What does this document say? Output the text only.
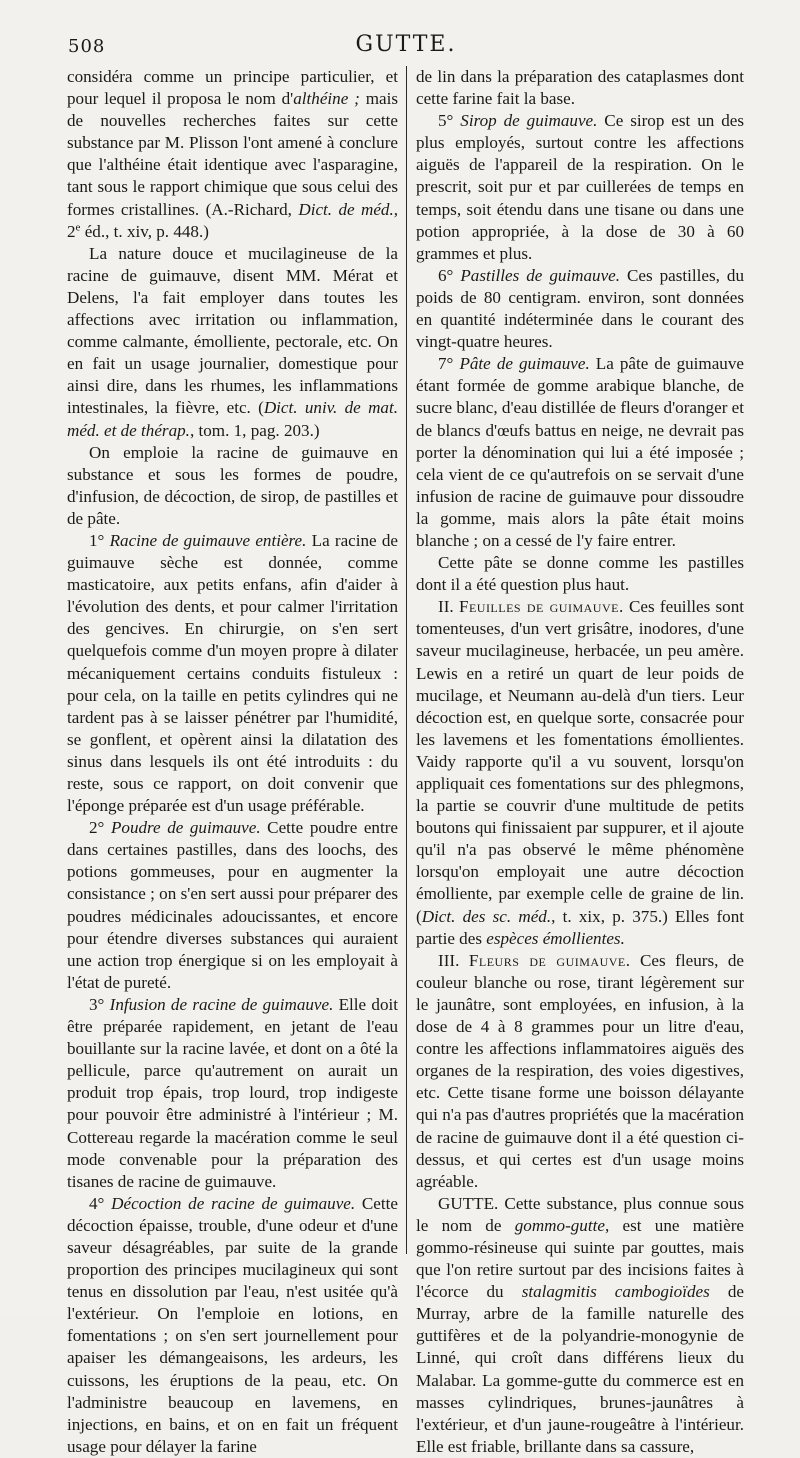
508	GUTTE.

considéra comme un principe particulier, et pour lequel il proposa le nom d'althéine ; mais de nouvelles recherches faites sur cette substance par M. Plisson l'ont amené à conclure que l'althéine était identique avec l'asparagine, tant sous le rapport chimique que sous celui des formes cristallines. (A.-Richard, Dict. de méd., 2e éd., t. xiv, p. 448.)

La nature douce et mucilagineuse de la racine de guimauve, disent MM. Mérat et Delens, l'a fait employer dans toutes les affections avec irritation ou inflammation, comme calmante, émolliente, pectorale, etc. On en fait un usage journalier, domestique pour ainsi dire, dans les rhumes, les inflammations intestinales, la fièvre, etc. (Dict. univ. de mat. méd. et de thérap., tom. 1, pag. 203.)

On emploie la racine de guimauve en substance et sous les formes de poudre, d'infusion, de décoction, de sirop, de pastilles et de pâte.

1° Racine de guimauve entière. La racine de guimauve sèche est donnée, comme masticatoire, aux petits enfans, afin d'aider à l'évolution des dents, et pour calmer l'irritation des gencives. En chirurgie, on s'en sert quelquefois comme d'un moyen propre à dilater mécaniquement certains conduits fistuleux : pour cela, on la taille en petits cylindres qui ne tardent pas à se laisser pénétrer par l'humidité, se gonflent, et opèrent ainsi la dilatation des sinus dans lesquels ils ont été introduits : du reste, sous ce rapport, on doit convenir que l'éponge préparée est d'un usage préférable.

2° Poudre de guimauve. Cette poudre entre dans certaines pastilles, dans des loochs, des potions gommeuses, pour en augmenter la consistance ; on s'en sert aussi pour préparer des poudres médicinales adoucissantes, et encore pour étendre diverses substances qui auraient une action trop énergique si on les employait à l'état de pureté.

3° Infusion de racine de guimauve. Elle doit être préparée rapidement, en jetant de l'eau bouillante sur la racine lavée, et dont on a ôté la pellicule, parce qu'autrement on aurait un produit trop épais, trop lourd, trop indigeste pour pouvoir être administré à l'intérieur ; M. Cottereau regarde la macération comme le seul mode convenable pour la préparation des tisanes de racine de guimauve.

4° Décoction de racine de guimauve. Cette décoction épaisse, trouble, d'une odeur et d'une saveur désagréables, par suite de la grande proportion des principes mucilagineux qui sont tenus en dissolution par l'eau, n'est usitée qu'à l'extérieur. On l'emploie en lotions, en fomentations ; on s'en sert journellement pour apaiser les démangeaisons, les ardeurs, les cuissons, les éruptions de la peau, etc. On l'administre beaucoup en lavemens, en injections, en bains, et on en fait un fréquent usage pour délayer la farine

de lin dans la préparation des cataplasmes dont cette farine fait la base.

5° Sirop de guimauve. Ce sirop est un des plus employés, surtout contre les affections aiguës de l'appareil de la respiration. On le prescrit, soit pur et par cuillerées de temps en temps, soit étendu dans une tisane ou dans une potion appropriée, à la dose de 30 à 60 grammes et plus.

6° Pastilles de guimauve. Ces pastilles, du poids de 80 centigram. environ, sont données en quantité indéterminée dans le courant des vingt-quatre heures.

7° Pâte de guimauve. La pâte de guimauve étant formée de gomme arabique blanche, de sucre blanc, d'eau distillée de fleurs d'oranger et de blancs d'œufs battus en neige, ne devrait pas porter la dénomination qui lui a été imposée ; cela vient de ce qu'autrefois on se servait d'une infusion de racine de guimauve pour dissoudre la gomme, mais alors la pâte était moins blanche ; on a cessé de l'y faire entrer.

Cette pâte se donne comme les pastilles dont il a été question plus haut.

II. Feuilles de guimauve. Ces feuilles sont tomenteuses, d'un vert grisâtre, inodores, d'une saveur mucilagineuse, herbacée, un peu amère. Lewis en a retiré un quart de leur poids de mucilage, et Neumann au-delà d'un tiers. Leur décoction est, en quelque sorte, consacrée pour les lavemens et les fomentations émollientes. Vaidy rapporte qu'il a vu souvent, lorsqu'on appliquait ces fomentations sur des phlegmons, la partie se couvrir d'une multitude de petits boutons qui finissaient par suppurer, et il ajoute qu'il n'a pas observé le même phénomène lorsqu'on employait une autre décoction émolliente, par exemple celle de graine de lin. (Dict. des sc. méd., t. xix, p. 375.) Elles font partie des espèces émollientes.

III. Fleurs de guimauve. Ces fleurs, de couleur blanche ou rose, tirant légèrement sur le jaunâtre, sont employées, en infusion, à la dose de 4 à 8 grammes pour un litre d'eau, contre les affections inflammatoires aiguës des organes de la respiration, des voies digestives, etc. Cette tisane forme une boisson délayante qui n'a pas d'autres propriétés que la macération de racine de guimauve dont il a été question ci-dessus, et qui certes est d'un usage moins agréable.

GUTTE. Cette substance, plus connue sous le nom de gommo-gutte, est une matière gommo-résineuse qui suinte par gouttes, mais que l'on retire surtout par des incisions faites à l'écorce du stalagmitis cambogioïdes de Murray, arbre de la famille naturelle des guttifères et de la polyandrie-monogynie de Linné, qui croît dans différens lieux du Malabar. La gomme-gutte du commerce est en masses cylindriques, brunes-jaunâtres à l'extérieur, et d'un jaune-rougeâtre à l'intérieur. Elle est friable, brillante dans sa cassure,
